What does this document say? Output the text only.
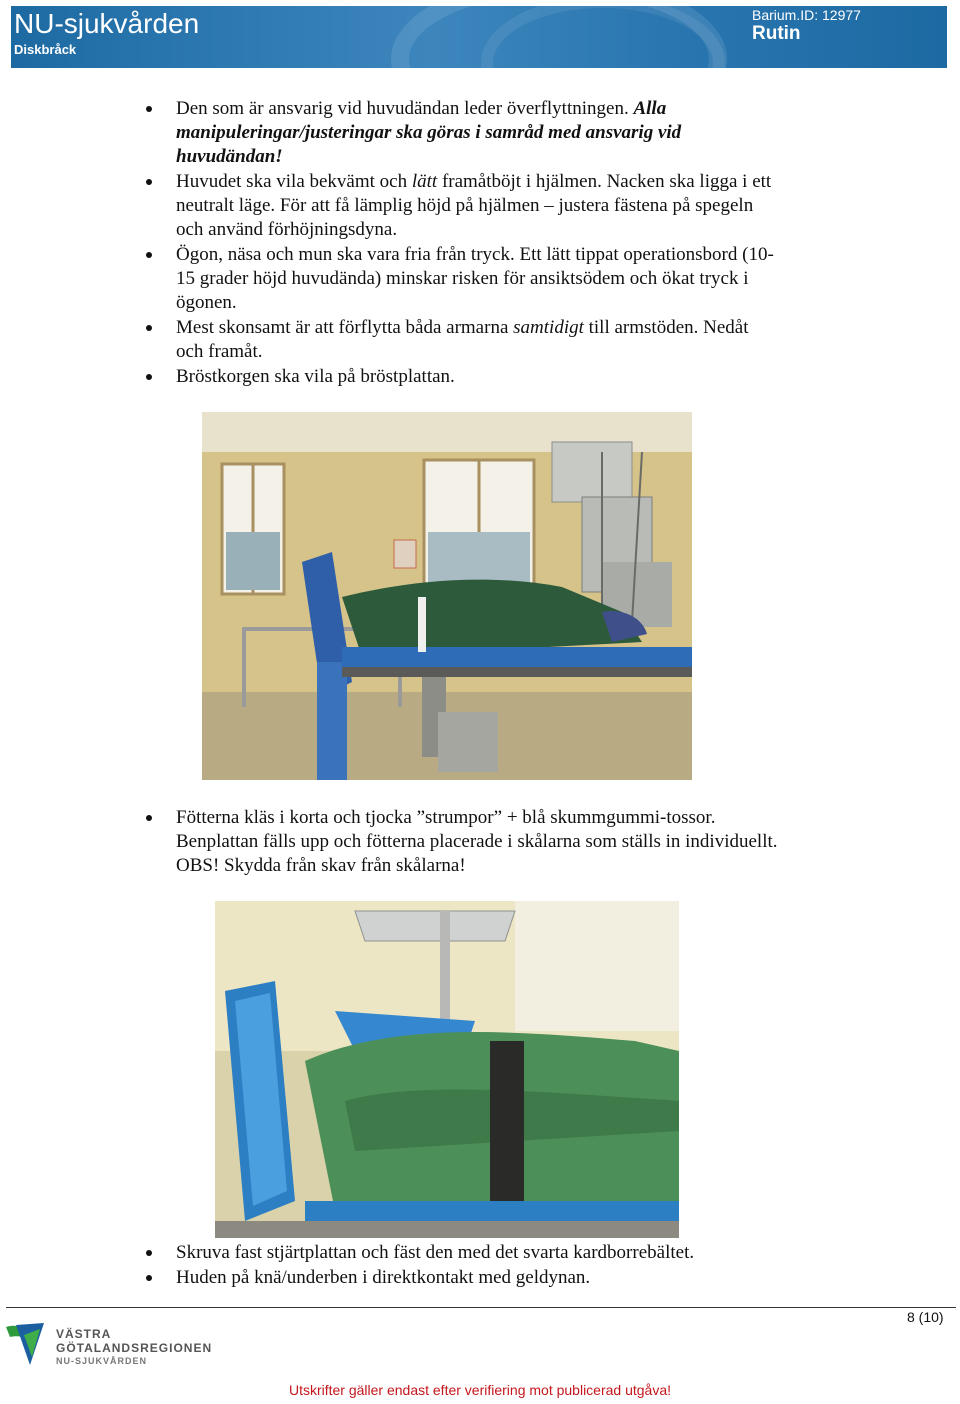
NU-sjukvården
Diskbråck
Barium.ID: 12977
Rutin
Den som är ansvarig vid huvudändan leder överflyttningen. Alla manipuleringar/justeringar ska göras i samråd med ansvarig vid huvudändan!
Huvudet ska vila bekvämt och lätt framåtböjt i hjälmen. Nacken ska ligga i ett neutralt läge. För att få lämplig höjd på hjälmen – justera fästena på spegeln och använd förhöjningsdyna.
Ögon, näsa och mun ska vara fria från tryck. Ett lätt tippat operationsbord (10-15 grader höjd huvudända) minskar risken för ansiktsödem och ökat tryck i ögonen.
Mest skonsamt är att förflytta båda armarna samtidigt till armstöden. Nedåt och framåt.
Bröstkorgen ska vila på bröstplattan.
Fötterna kläs i korta och tjocka ”strumpor” + blå skummgummi-tossor. Benplattan fälls upp och fötterna placerade i skålarna som ställs in individuellt. OBS! Skydda från skav från skålarna!
Skruva fast stjärtplattan och fäst den med det svarta kardborrebältet.
Huden på knä/underben i direktkontakt med geldynan.
8 (10)
VÄSTRA
GÖTALANDSREGIONEN
NU-SJUKVÅRDEN
Utskrifter gäller endast efter verifiering mot publicerad utgåva!
